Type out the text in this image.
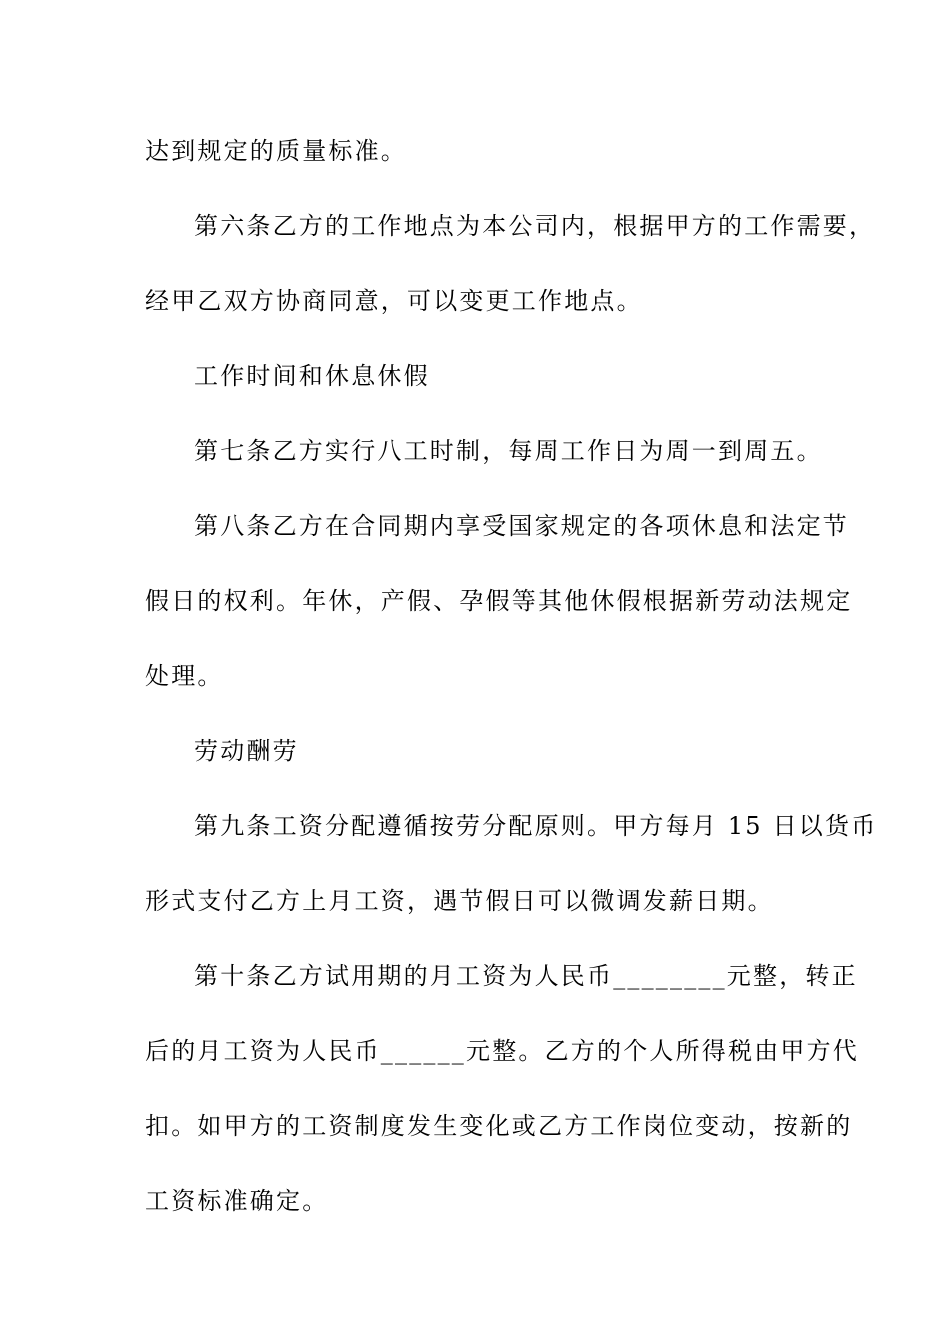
达到规定的质量标准。
第六条乙方的工作地点为本公司内，根据甲方的工作需要，
经甲乙双方协商同意，可以变更工作地点。
工作时间和休息休假
第七条乙方实行八工时制，每周工作日为周一到周五。
第八条乙方在合同期内享受国家规定的各项休息和法定节
假日的权利。年休，产假、孕假等其他休假根据新劳动法规定
处理。
劳动酬劳
第九条工资分配遵循按劳分配原则。甲方每月 15 日以货币
形式支付乙方上月工资，遇节假日可以微调发薪日期。
第十条乙方试用期的月工资为人民币________元整，转正
后的月工资为人民币______元整。乙方的个人所得税由甲方代
扣。如甲方的工资制度发生变化或乙方工作岗位变动，按新的
工资标准确定。
